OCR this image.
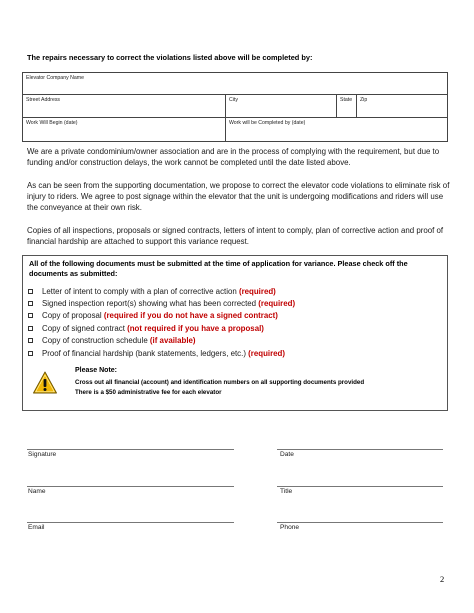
The repairs necessary to correct the violations listed above will be completed by:
Elevator Company Name
Street Address	City	State	Zip
Work Will Begin (date)	Work will be Completed by (date)

We are a private condominium/owner association and are in the process of complying with the requirement, but due to funding and/or construction delays, the work cannot be completed until the date listed above.

As can be seen from the supporting documentation, we propose to correct the elevator code violations to eliminate risk of injury to riders. We agree to post signage within the elevator that the unit is undergoing modifications and riders will use the conveyance at their own risk.

Copies of all inspections, proposals or signed contracts, letters of intent to comply, plan of corrective action and proof of financial hardship are attached to support this variance request.

All of the following documents must be submitted at the time of application for variance. Please check off the documents as submitted:
Letter of intent to comply with a plan of corrective action
(required)
Signed inspection report(s) showing what has been corrected
(required)
Copy of proposal
(required if you do not have a signed contract)
Copy of signed contract
(not required if you have a proposal)
Copy of construction schedule
(if available)
Proof of financial hardship (bank statements, ledgers, etc.)
(required)
Please Note:
Cross out all financial (account) and identification numbers on all supporting documents provided
There is a $50 administrative fee for each elevator
Signature	Date
Name	Title
Email	Phone
2
